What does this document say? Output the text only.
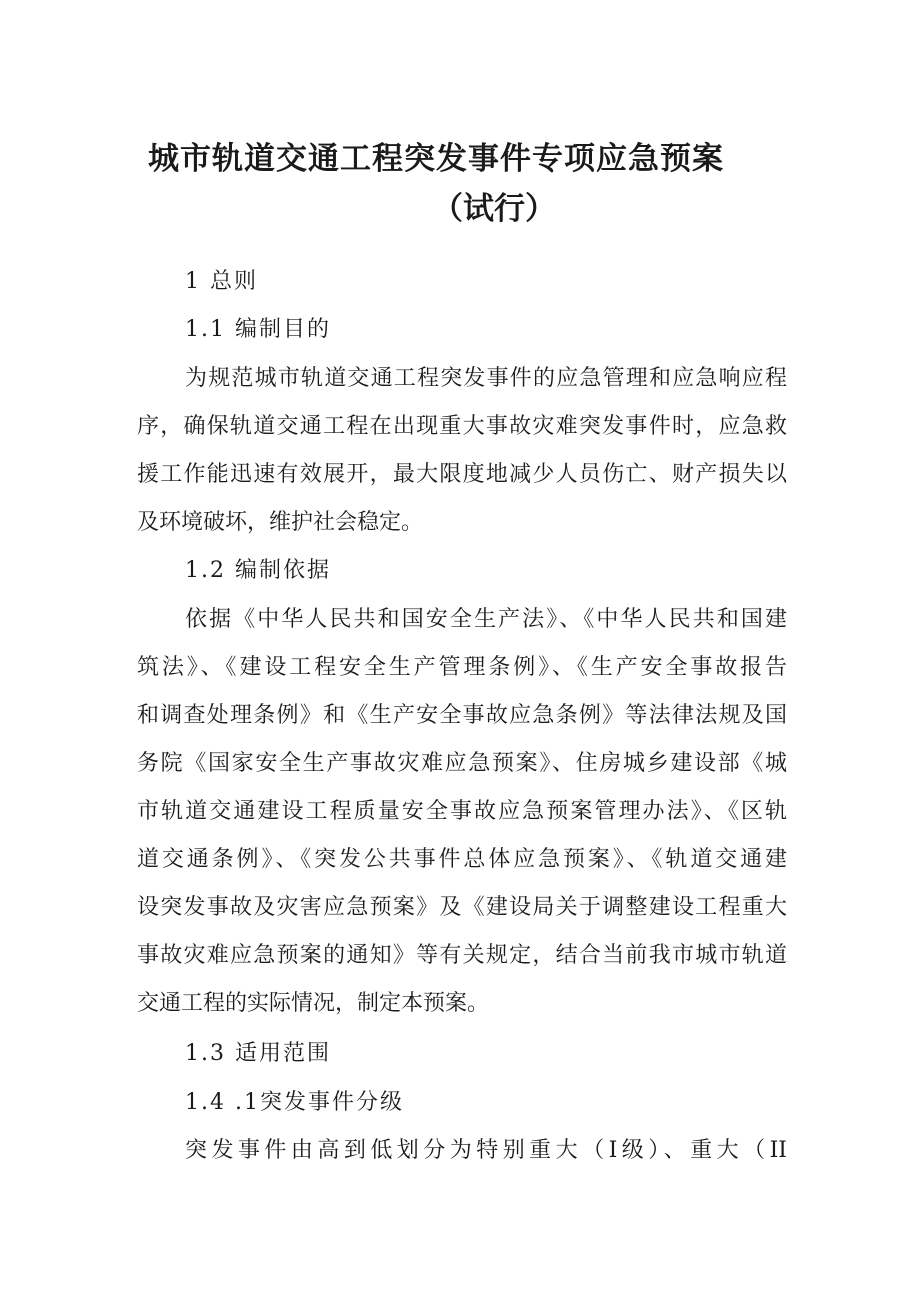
城市轨道交通工程突发事件专项应急预案
（试行）
1 总则
1.1 编制目的
为规范城市轨道交通工程突发事件的应急管理和应急响应程
序，确保轨道交通工程在出现重大事故灾难突发事件时，应急救
援工作能迅速有效展开，最大限度地减少人员伤亡、财产损失以
及环境破坏，维护社会稳定。
1.2 编制依据
依据《中华人民共和国安全生产法》、《中华人民共和国建
筑法》、《建设工程安全生产管理条例》、《生产安全事故报告
和调查处理条例》和《生产安全事故应急条例》等法律法规及国
务院《国家安全生产事故灾难应急预案》、住房城乡建设部《城
市轨道交通建设工程质量安全事故应急预案管理办法》、《区轨
道交通条例》、《突发公共事件总体应急预案》、《轨道交通建
设突发事故及灾害应急预案》及《建设局关于调整建设工程重大
事故灾难应急预案的通知》等有关规定，结合当前我市城市轨道
交通工程的实际情况，制定本预案。
1.3 适用范围
1.4 .1突发事件分级
突发事件由高到低划分为特别重大（Ⅰ级）、重大（II
